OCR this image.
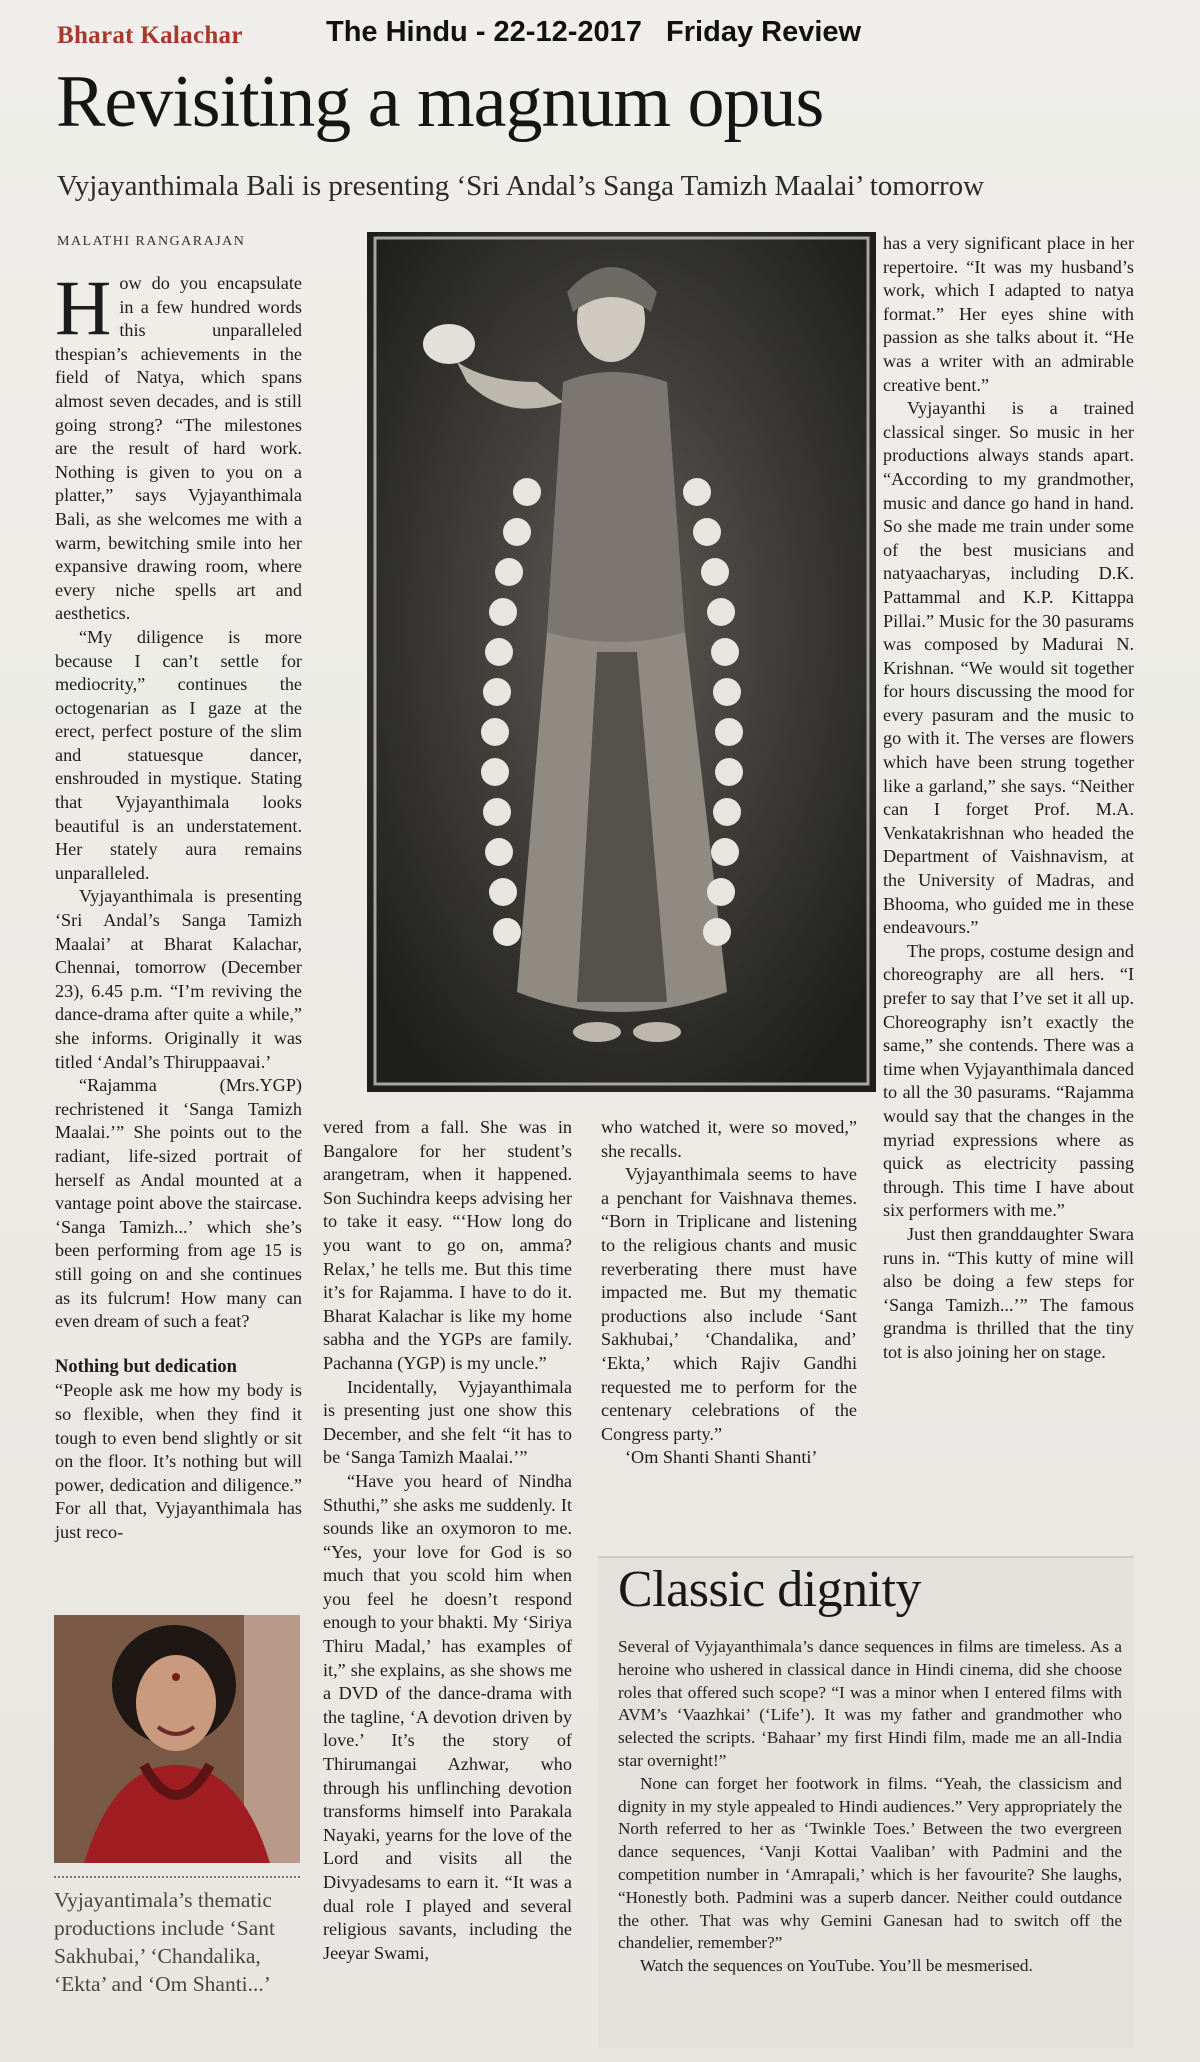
Bharat Kalachar	The Hindu - 22-12-2017   Friday Review
Revisiting a magnum opus
Vyjayanthimala Bali is presenting ‘Sri Andal’s Sanga Tamizh Maalai’ tomorrow
MALATHI RANGARAJAN

How do you encapsulate in a few hundred words this unparalleled thespian’s achievements in the field of Natya, which spans almost seven decades, and is still going strong? “The milestones are the result of hard work. Nothing is given to you on a platter,” says Vyjayanthimala Bali, as she welcomes me with a warm, bewitching smile into her expansive drawing room, where every niche spells art and aesthetics.

“My diligence is more because I can’t settle for mediocrity,” continues the octogenarian as I gaze at the erect, perfect posture of the slim and statuesque dancer, enshrouded in mystique. Stating that Vyjayanthimala looks beautiful is an understatement. Her stately aura remains unparalleled.

Vyjayanthimala is presenting ‘Sri Andal’s Sanga Tamizh Maalai’ at Bharat Kalachar, Chennai, tomorrow (December 23), 6.45 p.m. “I’m reviving the dance-drama after quite a while,” she informs. Originally it was titled ‘Andal’s Thiruppaavai.’

“Rajamma (Mrs.YGP) rechristened it ‘Sanga Tamizh Maalai.’” She points out to the radiant, life-sized portrait of herself as Andal mounted at a vantage point above the staircase. ‘Sanga Tamizh...’ which she’s been performing from age 15 is still going on and she continues as its fulcrum! How many can even dream of such a feat?

Nothing but dedication

“People ask me how my body is so flexible, when they find it tough to even bend slightly or sit on the floor. It’s nothing but will power, dedication and diligence.” For all that, Vyjayanthimala has just reco-

vered from a fall. She was in Bangalore for her student’s arangetram, when it happened. Son Suchindra keeps advising her to take it easy. “‘How long do you want to go on, amma? Relax,’ he tells me. But this time it’s for Rajamma. I have to do it. Bharat Kalachar is like my home sabha and the YGPs are family. Pachanna (YGP) is my uncle.”

Incidentally, Vyjayanthimala is presenting just one show this December, and she felt “it has to be ‘Sanga Tamizh Maalai.’”

“Have you heard of Nindha Sthuthi,” she asks me suddenly. It sounds like an oxymoron to me. “Yes, your love for God is so much that you scold him when you feel he doesn’t respond enough to your bhakti. My ‘Siriya Thiru Madal,’ has examples of it,” she explains, as she shows me a DVD of the dance-drama with the tagline, ‘A devotion driven by love.’ It’s the story of Thirumangai Azhwar, who through his unflinching devotion transforms himself into Parakala Nayaki, yearns for the love of the Lord and visits all the Divyadesams to earn it. “It was a dual role I played and several religious savants, including the Jeeyar Swami,

who watched it, were so moved,” she recalls.

Vyjayanthimala seems to have a penchant for Vaishnava themes. “Born in Triplicane and listening to the religious chants and music reverberating there must have impacted me. But my thematic productions also include ‘Sant Sakhubai,’ ‘Chandalika, and’ ‘Ekta,’ which Rajiv Gandhi requested me to perform for the centenary celebrations of the Congress party.”

‘Om Shanti Shanti Shanti’

has a very significant place in her repertoire. “It was my husband’s work, which I adapted to natya format.” Her eyes shine with passion as she talks about it. “He was a writer with an admirable creative bent.”

Vyjayanthi is a trained classical singer. So music in her productions always stands apart. “According to my grandmother, music and dance go hand in hand. So she made me train under some of the best musicians and natyaacharyas, including D.K. Pattammal and K.P. Kittappa Pillai.” Music for the 30 pasurams was composed by Madurai N. Krishnan. “We would sit together for hours discussing the mood for every pasuram and the music to go with it. The verses are flowers which have been strung together like a garland,” she says. “Neither can I forget Prof. M.A. Venkatakrishnan who headed the Department of Vaishnavism, at the University of Madras, and Bhooma, who guided me in these endeavours.”

The props, costume design and choreography are all hers. “I prefer to say that I’ve set it all up. Choreography isn’t exactly the same,” she contends. There was a time when Vyjayanthimala danced to all the 30 pasurams. “Rajamma would say that the changes in the myriad expressions where as quick as electricity passing through. This time I have about six performers with me.”

Just then granddaughter Swara runs in. “This kutty of mine will also be doing a few steps for ‘Sanga Tamizh...’” The famous grandma is thrilled that the tiny tot is also joining her on stage.

Vyjayantimala’s thematic productions include ‘Sant Sakhubai,’ ‘Chandalika, ‘Ekta’ and ‘Om Shanti...’
Classic dignity

Several of Vyjayanthimala’s dance sequences in films are timeless. As a heroine who ushered in classical dance in Hindi cinema, did she choose roles that offered such scope? “I was a minor when I entered films with AVM’s ‘Vaazhkai’ (‘Life’). It was my father and grandmother who selected the scripts. ‘Bahaar’ my first Hindi film, made me an all-India star overnight!”

None can forget her footwork in films. “Yeah, the classicism and dignity in my style appealed to Hindi audiences.” Very appropriately the North referred to her as ‘Twinkle Toes.’ Between the two evergreen dance sequences, ‘Vanji Kottai Vaaliban’ with Padmini and the competition number in ‘Amrapali,’ which is her favourite? She laughs, “Honestly both. Padmini was a superb dancer. Neither could outdance the other. That was why Gemini Ganesan had to switch off the chandelier, remember?”

Watch the sequences on YouTube. You’ll be mesmerised.
